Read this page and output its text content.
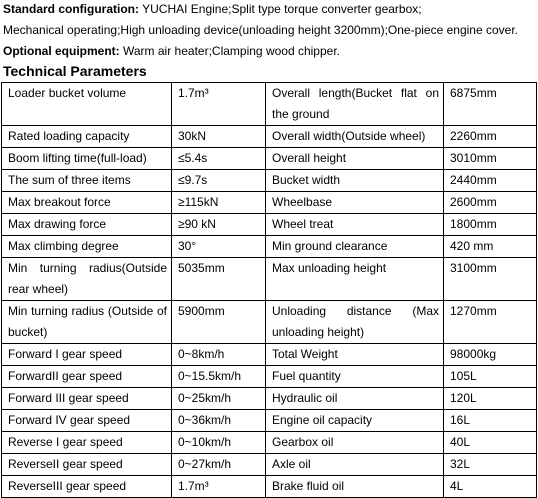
Standard configuration: YUCHAI Engine;Split type torque converter gearbox;
Mechanical operating;High unloading device(unloading height 3200mm);One-piece engine cover.
Optional equipment: Warm air heater;Clamping wood chipper.
Technical Parameters
Loader bucket volume	1.7m³	Overall length(Bucket flat on the ground	6875mm
Rated loading capacity	30kN	Overall width(Outside wheel)	2260mm
Boom lifting time(full-load)	≤5.4s	Overall height	3010mm
The sum of three items	≤9.7s	Bucket width	2440mm
Max breakout force	≥115kN	Wheelbase	2600mm
Max drawing force	≥90 kN	Wheel treat	1800mm
Max climbing degree	30°	Min ground clearance	420 mm
Min turning radius(Outside rear wheel)	5035mm	Max unloading height	3100mm
Min turning radius (Outside of bucket)	5900mm	Unloading distance (Max unloading height)	1270mm
Forward I gear speed	0~8km/h	Total Weight	98000kg
ForwardII gear speed	0~15.5km/h	Fuel quantity	105L
Forward III gear speed	0~25km/h	Hydraulic oil	120L
Forward IV gear speed	0~36km/h	Engine oil capacity	16L
Reverse I gear speed	0~10km/h	Gearbox oil	40L
ReverseII gear speed	0~27km/h	Axle oil	32L
ReverseIII gear speed	1.7m³	Brake fluid oil	4L
